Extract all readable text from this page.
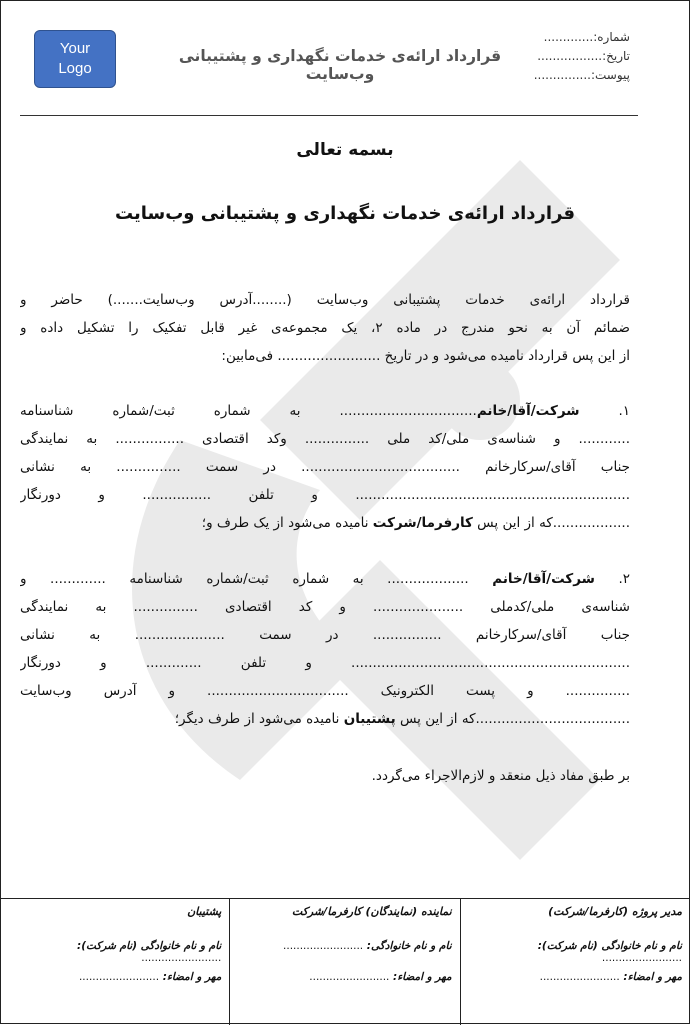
Your
Logo
قرارداد ارائه‌ی خدمات نگهداری و پشتیبانی وب‌سایت
شماره:.............
تاریخ:.................
پیوست:...............
بسمه تعالی
قرارداد ارائه‌ی خدمات نگهداری و پشتیبانی وب‌سایت
قرارداد ارائه‌ی خدمات پشتیبانی وب‌سایت (........آدرس وب‌سایت.......) حاضر و
ضمائم آن به نحو مندرج در ماده ۲، یک مجموعه‌ی غیر قابل تفکیک را تشکیل داده و
از این پس قرارداد نامیده می‌شود و در تاریخ ........................ فی‌مابین:
۱. شرکت/آقا/خانم................................ به شماره ثبت/شماره شناسنامه
............ و شناسه‌ی ملی/کد ملی ............... وکد اقتصادی ................ به نمایندگی
جناب آقای/سرکارخانم ..................................... در سمت ............... به نشانی
................................................................ و تلفن ................ و دورنگار
..................که از این پس کارفرما/شرکت نامیده می‌شود از یک طرف و؛
۲. شرکت/آقا/خانم ................... به شماره ثبت/شماره شناسنامه ............. و
شناسه‌ی ملی/کدملی ..................... و کد اقتصادی ............... به نمایندگی
جناب آقای/سرکارخانم ................ در سمت ..................... به نشانی
................................................................. و تلفن ............. و دورنگار
............... و پست الکترونیک ................................. و آدرس وب‌سایت
....................................که از این پس پشتیبان نامیده می‌شود از طرف دیگر؛
بر طبق مفاد ذیل منعقد و لازم‌الاجراء می‌گردد.
مدیر پروژه (کارفرما/شرکت)
نام و نام خانوادگی (نام شرکت): ........................
مهر و امضاء: ........................
نماینده (نمایندگان) کارفرما/شرکت
نام و نام خانوادگی: ........................
مهر و امضاء: ........................
پشتیبان
نام و نام خانوادگی (نام شرکت): ........................
مهر و امضاء: ........................
